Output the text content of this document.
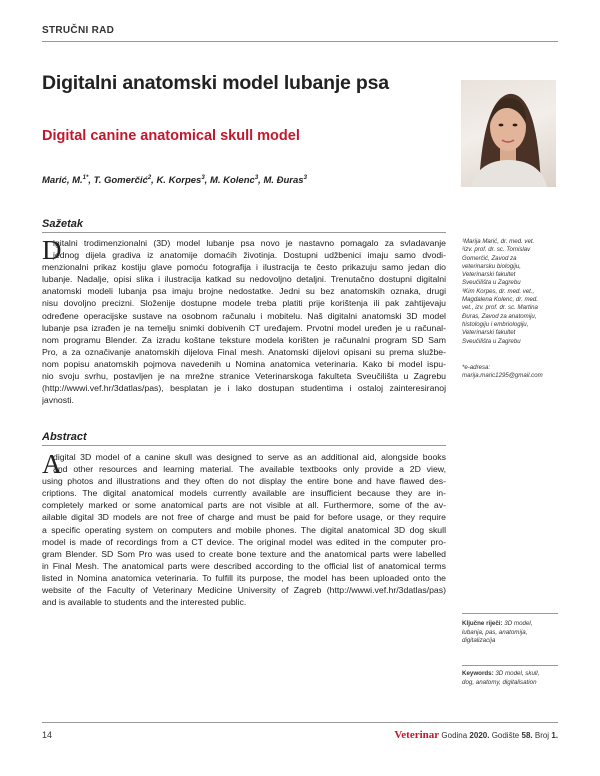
STRUČNI RAD
Digitalni anatomski model lubanje psa
Digital canine anatomical skull model
Marić, M.$^{1*}$, T. Gomerčić$^2$, K. Korpes$^3$, M. Kolenc$^3$, M. Đuras$^3$
Sažetak
D
igitalni trodimenzionalni (3D) model lubanje psa novo je nastavno pomagalo za svladavanje
jednog dijela gradiva iz anatomije domaćih životinja. Dostupni udžbenici imaju samo dvodi-
menzionalni prikaz kostiju glave pomoću fotografija i ilustracija te često prikazuju samo jedan dio
lubanje. Nadalje, opisi slika i ilustracija katkad su nedovoljno detaljni. Trenutačno dostupni digitalni
anatomski modeli lubanja psa imaju brojne nedostatke. Jedni su bez anatomskih oznaka, drugi
nisu dovoljno precizni. Složenije dostupne modele treba platiti prije korištenja ili pak zahtijevaju
određene operacijske sustave na osobnom računalu i mobitelu. Naš digitalni anatomski 3D model
lubanje psa izrađen je na temelju snimki dobivenih CT uređajem. Prvotni model uređen je u računal-
nom programu Blender. Za izradu koštane teksture modela korišten je računalni program SD Sam
Pro, a za označivanje anatomskih dijelova Final mesh. Anatomski dijelovi opisani su prema službe-
nom popisu anatomskih pojmova navedenih u Nomina anatomica veterinaria. Kako bi model ispu-
nio svoju svrhu, postavljen je na mrežne stranice Veterinarskoga fakulteta Sveučilišta u Zagrebu
(http://wwwi.vef.hr/3datlas/pas), besplatan je i lako dostupan studentima i ostaloj zainteresiranoj
javnosti.
Abstract
A
digital 3D model of a canine skull was designed to serve as an additional aid, alongside books
and other resources and learning material. The available textbooks only provide a 2D view,
using photos and illustrations and they often do not display the entire bone and have flawed des-
criptions. The digital anatomical models currently available are insufficient because they are in-
completely marked or some anatomical parts are not visible at all. Furthermore, some of the av-
ailable digital 3D models are not free of charge and must be paid for before usage, or they require
a specific operating system on computers and mobile phones. The digital anatomical 3D dog skull
model is made of recordings from a CT device. The original model was edited in the computer pro-
gram Blender. SD Som Pro was used to create bone texture and the anatomical parts were labelled
in Final Mesh. The anatomical parts were described according to the official list of anatomical terms
listed in Nomina anatomica veterinaria. To fulfill its purpose, the model has been uploaded onto the
website of the Faculty of Veterinary Medicine University of Zagreb (http://wwwi.vef.hr/3datlas/pas)
and is available to students and the interested public.
¹Marija Marić, dr. med. vet.
²izv. prof. dr. sc. Tomislav
Gomerčić, Zavod za
veterinarsku biologiju,
Veterinarski fakultet
Sveučilišta u Zagrebu
³Kim Korpes, dr. med. vet.,
Magdalena Kolenc, dr. med.
vet., izv. prof. dr. sc. Martina
Đuras, Zavod za anatomiju,
histologiju i embriologiju,
Veterinarski fakultet
Sveučilišta u Zagrebu
*e-adresa:
marija.maric1295@gmail.com
Ključne riječi: 3D model,
lubanja, pas, anatomija,
digitalizacija
Keywords: 3D model, skull,
dog, anatomy, digitalisation
14	Veterinar Godina 2020. Godište 58. Broj 1.
